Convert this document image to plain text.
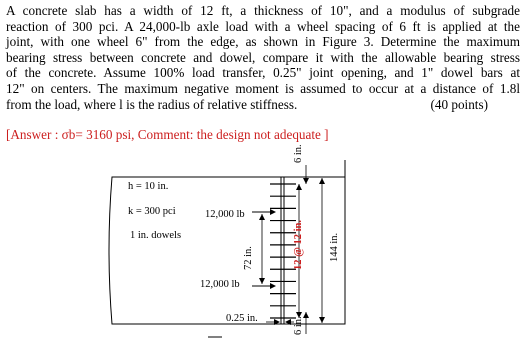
A concrete slab has a width of 12 ft, a thickness of 10", and a modulus of subgrade
reaction of 300 pci. A 24,000-lb axle load with a wheel spacing of 6 ft is applied at the
joint, with one wheel 6" from the edge, as shown in Figure 3. Determine the maximum
bearing stress between concrete and dowel, compare it with the allowable bearing stress
of the concrete. Assume 100% load transfer, 0.25" joint opening, and 1" dowel bars at
12" on centers. The maximum negative moment is assumed to occur at a distance of 1.8l
from the load, where l is the radius of relative stiffness.	(40 points)

[Answer : σb= 3160 psi, Comment: the design not adequate ]

h = 10 in.
k = 300 pci
1 in. dowels
12,000 lb
12,000 lb
0.25 in.
72 in.	12 @ 12 in. 144 in.
6 in.
6 in.
